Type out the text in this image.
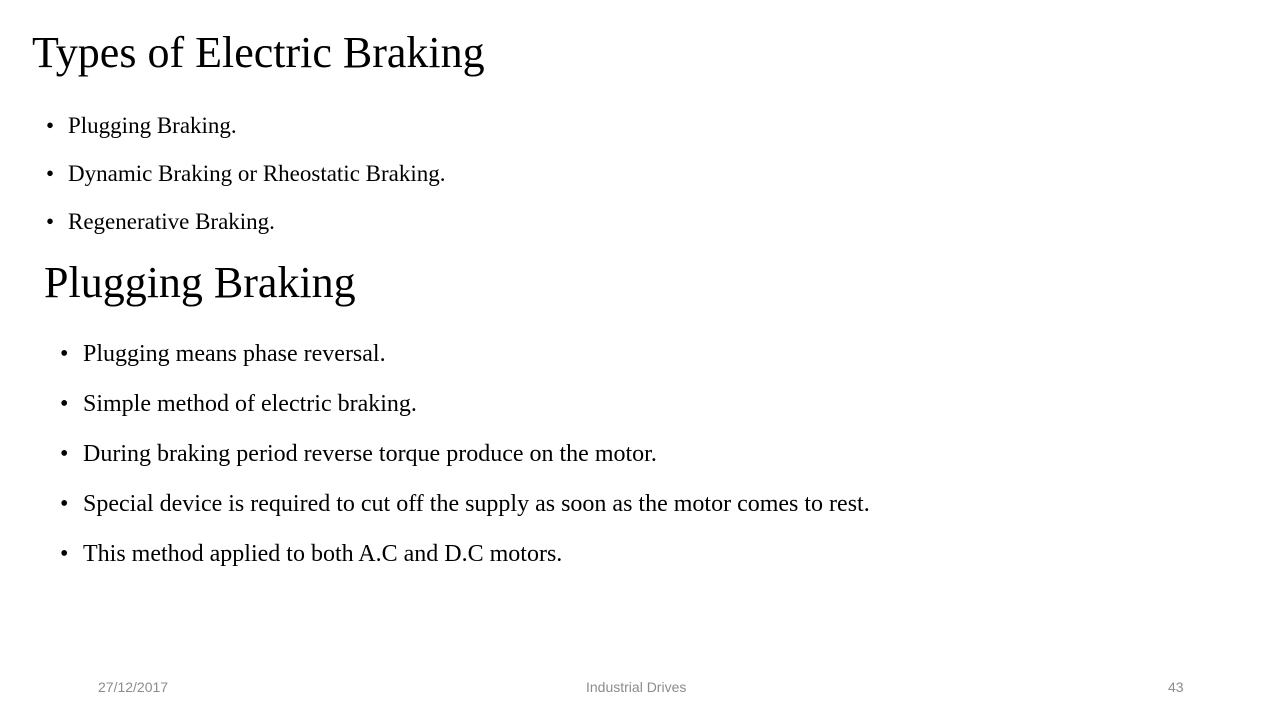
Types of Electric Braking
• Plugging Braking.
• Dynamic Braking or Rheostatic Braking.
• Regenerative Braking.
Plugging Braking
• Plugging means phase reversal.
• Simple method of electric braking.
• During braking period reverse torque produce on the motor.
• Special device is required to cut off the supply as soon as the motor comes to rest.
• This method applied to both A.C and D.C motors.
27/12/2017	Industrial Drives	43
